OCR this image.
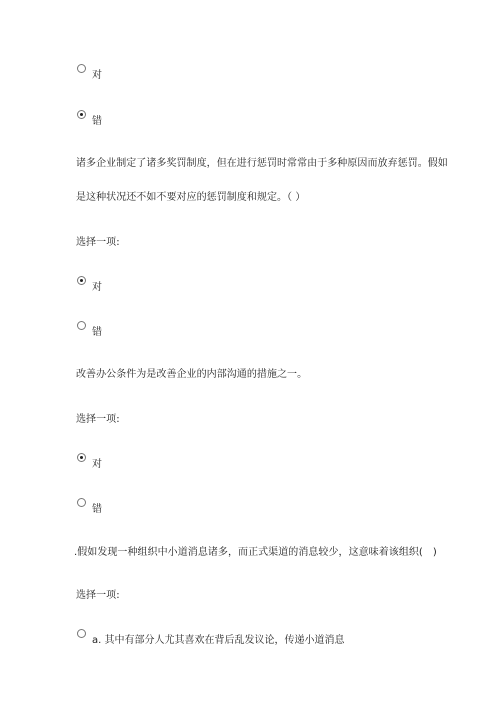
对
错
诸多企业制定了诸多奖罚制度，但在进行惩罚时常常由于多种原因而放弃惩罚。假如
是这种状况还不如不要对应的惩罚制度和规定。（ ）
选择一项:
对
错
改善办公条件为是改善企业的内部沟通的措施之一。
选择一项:
对
错
.假如发现一种组织中小道消息诸多，而正式渠道的消息较少，这意味着该组织(　)
选择一项:
a. 其中有部分人尤其喜欢在背后乱发议论，传递小道消息
